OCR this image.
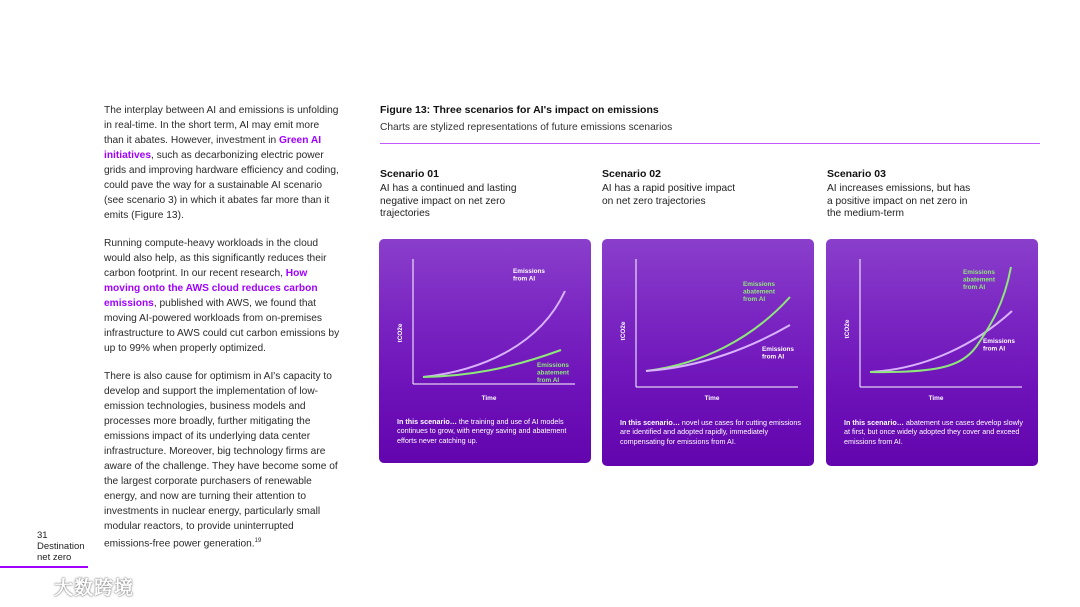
The interplay between AI and emissions is unfolding in real-time. In the short term, AI may emit more than it abates. However, investment in Green AI initiatives, such as decarbonizing electric power grids and improving hardware efficiency and coding, could pave the way for a sustainable AI scenario (see scenario 3) in which it abates far more than it emits (Figure 13).

Running compute-heavy workloads in the cloud would also help, as this significantly reduces their carbon footprint. In our recent research, How moving onto the AWS cloud reduces carbon emissions, published with AWS, we found that moving AI-powered workloads from on-premises infrastructure to AWS could cut carbon emissions by up to 99% when properly optimized.

There is also cause for optimism in AI's capacity to develop and support the implementation of low-emission technologies, business models and processes more broadly, further mitigating the emissions impact of its underlying data center infrastructure. Moreover, big technology firms are aware of the challenge. They have become some of the largest corporate purchasers of renewable energy, and now are turning their attention to investments in nuclear energy, particularly small modular reactors, to provide uninterrupted emissions-free power generation.$^{19}$

31
Destination
net zero
大数跨境
Figure 13: Three scenarios for AI's impact on emissions
Charts are stylized representations of future emissions scenarios
Scenario 01
AI has a continued and lasting negative impact on net zero trajectories
Scenario 02
AI has a rapid positive impact on net zero trajectories
Scenario 03
AI increases emissions, but has a positive impact on net zero in the medium-term
tCO2e
Time
Emissions from AI
Emissions abatement from AI
In this scenario… the training and use of AI models continues to grow, with energy saving and abatement efforts never catching up.
tCO2e
Time
Emissions abatement from AI
Emissions from AI
In this scenario… novel use cases for cutting emissions are identified and adopted rapidly, immediately compensating for emissions from AI.
tCO2e
Time
Emissions abatement from AI
Emissions from AI
In this scenario… abatement use cases develop slowly at first, but once widely adopted they cover and exceed emissions from AI.
